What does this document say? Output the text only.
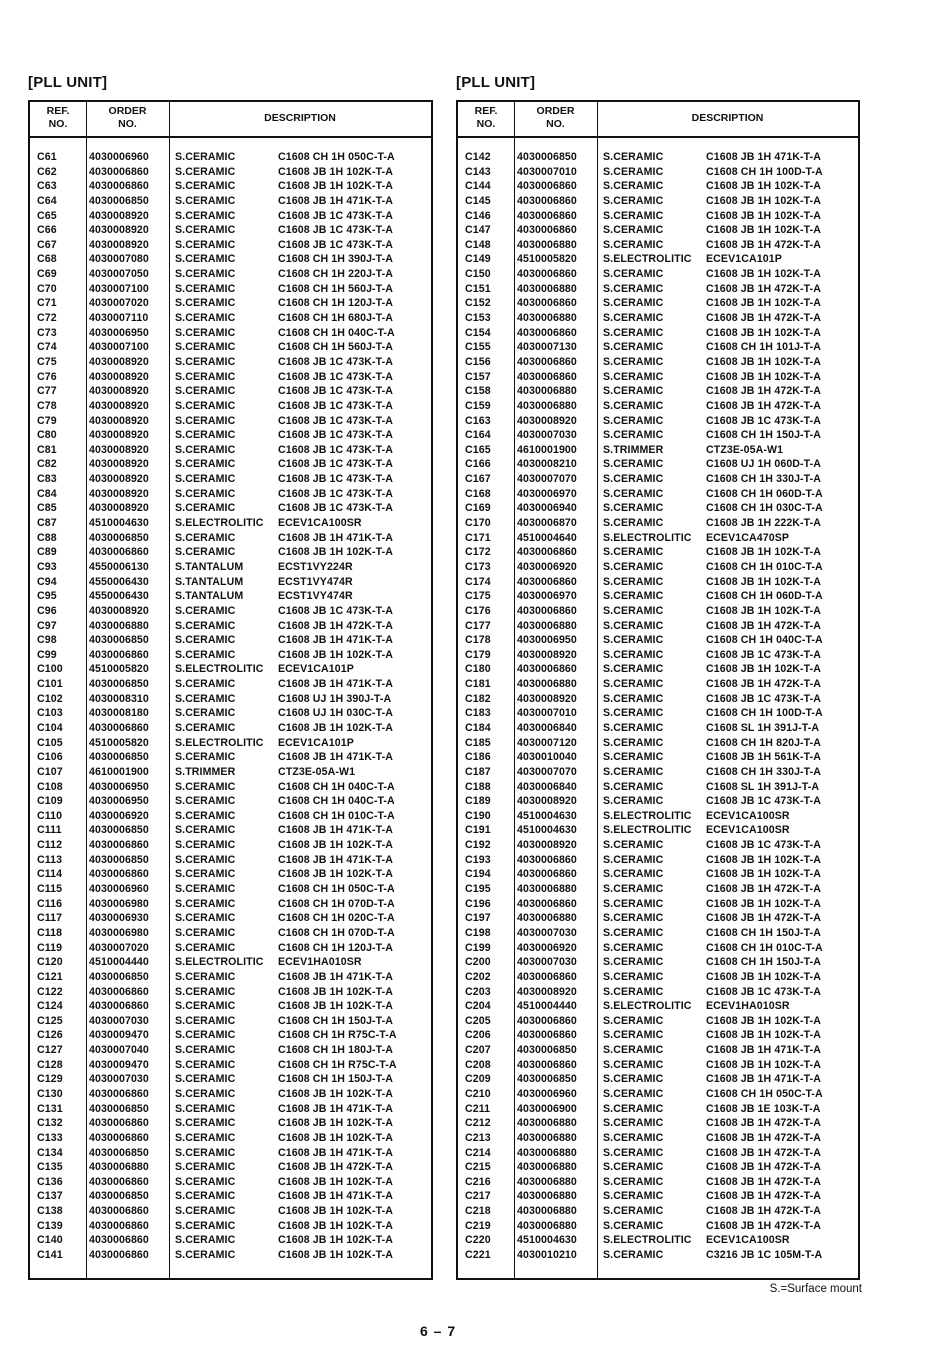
[PLL UNIT]	[PLL UNIT]
REF.
NO.
ORDER
NO.	DESCRIPTION
C61	4030006960 S.CERAMIC	C1608 CH 1H 050C-T-A
C62	4030006860 S.CERAMIC	C1608 JB 1H 102K-T-A
C63	4030006860 S.CERAMIC	C1608 JB 1H 102K-T-A
C64	4030006850 S.CERAMIC	C1608 JB 1H 471K-T-A
C65	4030008920 S.CERAMIC	C1608 JB 1C 473K-T-A
C66	4030008920 S.CERAMIC	C1608 JB 1C 473K-T-A
C67	4030008920 S.CERAMIC	C1608 JB 1C 473K-T-A
C68	4030007080 S.CERAMIC	C1608 CH 1H 390J-T-A
C69	4030007050 S.CERAMIC	C1608 CH 1H 220J-T-A
C70	4030007100 S.CERAMIC	C1608 CH 1H 560J-T-A
C71	4030007020 S.CERAMIC	C1608 CH 1H 120J-T-A
C72	4030007110	S.CERAMIC	C1608 CH 1H 680J-T-A
C73	4030006950 S.CERAMIC	C1608 CH 1H 040C-T-A
C74	4030007100 S.CERAMIC	C1608 CH 1H 560J-T-A
C75	4030008920 S.CERAMIC	C1608 JB 1C 473K-T-A
C76	4030008920 S.CERAMIC	C1608 JB 1C 473K-T-A
C77	4030008920 S.CERAMIC	C1608 JB 1C 473K-T-A
C78	4030008920 S.CERAMIC	C1608 JB 1C 473K-T-A
C79	4030008920 S.CERAMIC	C1608 JB 1C 473K-T-A
C80	4030008920 S.CERAMIC	C1608 JB 1C 473K-T-A
C81	4030008920 S.CERAMIC	C1608 JB 1C 473K-T-A
C82	4030008920 S.CERAMIC	C1608 JB 1C 473K-T-A
C83	4030008920 S.CERAMIC	C1608 JB 1C 473K-T-A
C84	4030008920 S.CERAMIC	C1608 JB 1C 473K-T-A
C85	4030008920 S.CERAMIC	C1608 JB 1C 473K-T-A
C87	4510004630 S.ELECTROLITIC ECEV1CA100SR
C88	4030006850 S.CERAMIC	C1608 JB 1H 471K-T-A
C89	4030006860 S.CERAMIC	C1608 JB 1H 102K-T-A
C93	4550006130 S.TANTALUM	ECST1VY224R
C94	4550006430 S.TANTALUM	ECST1VY474R
C95	4550006430 S.TANTALUM	ECST1VY474R
C96	4030008920 S.CERAMIC	C1608 JB 1C 473K-T-A
C97	4030006880 S.CERAMIC	C1608 JB 1H 472K-T-A
C98	4030006850 S.CERAMIC	C1608 JB 1H 471K-T-A
C99	4030006860 S.CERAMIC	C1608 JB 1H 102K-T-A
C100 4510005820 S.ELECTROLITIC ECEV1CA101P
C101 4030006850 S.CERAMIC	C1608 JB 1H 471K-T-A
C102 4030008310 S.CERAMIC	C1608 UJ 1H 390J-T-A
C103 4030008180 S.CERAMIC	C1608 UJ 1H 030C-T-A
C104 4030006860 S.CERAMIC	C1608 JB 1H 102K-T-A
C105 4510005820 S.ELECTROLITIC ECEV1CA101P
C106 4030006850 S.CERAMIC	C1608 JB 1H 471K-T-A
C107 4610001900 S.TRIMMER	CTZ3E-05A-W1
C108 4030006950 S.CERAMIC	C1608 CH 1H 040C-T-A
C109 4030006950 S.CERAMIC	C1608 CH 1H 040C-T-A
C110	4030006920 S.CERAMIC	C1608 CH 1H 010C-T-A
C111	4030006850 S.CERAMIC	C1608 JB 1H 471K-T-A
C112	4030006860 S.CERAMIC	C1608 JB 1H 102K-T-A
C113	4030006850 S.CERAMIC	C1608 JB 1H 471K-T-A
C114	4030006860 S.CERAMIC	C1608 JB 1H 102K-T-A
C115	4030006960 S.CERAMIC	C1608 CH 1H 050C-T-A
C116	4030006980 S.CERAMIC	C1608 CH 1H 070D-T-A
C117	4030006930 S.CERAMIC	C1608 CH 1H 020C-T-A
C118	4030006980 S.CERAMIC	C1608 CH 1H 070D-T-A
C119	4030007020 S.CERAMIC	C1608 CH 1H 120J-T-A
C120 4510004440 S.ELECTROLITIC ECEV1HA010SR
C121 4030006850 S.CERAMIC	C1608 JB 1H 471K-T-A
C122 4030006860 S.CERAMIC	C1608 JB 1H 102K-T-A
C124 4030006860 S.CERAMIC	C1608 JB 1H 102K-T-A
C125 4030007030 S.CERAMIC	C1608 CH 1H 150J-T-A
C126 4030009470 S.CERAMIC	C1608 CH 1H R75C-T-A
C127 4030007040 S.CERAMIC	C1608 CH 1H 180J-T-A
C128 4030009470 S.CERAMIC	C1608 CH 1H R75C-T-A
C129 4030007030 S.CERAMIC	C1608 CH 1H 150J-T-A
C130 4030006860 S.CERAMIC	C1608 JB 1H 102K-T-A
C131 4030006850 S.CERAMIC	C1608 JB 1H 471K-T-A
C132 4030006860 S.CERAMIC	C1608 JB 1H 102K-T-A
C133 4030006860 S.CERAMIC	C1608 JB 1H 102K-T-A
C134 4030006850 S.CERAMIC	C1608 JB 1H 471K-T-A
C135 4030006880 S.CERAMIC	C1608 JB 1H 472K-T-A
C136 4030006860 S.CERAMIC	C1608 JB 1H 102K-T-A
C137 4030006850 S.CERAMIC	C1608 JB 1H 471K-T-A
C138 4030006860 S.CERAMIC	C1608 JB 1H 102K-T-A
C139 4030006860 S.CERAMIC	C1608 JB 1H 102K-T-A
C140 4030006860 S.CERAMIC	C1608 JB 1H 102K-T-A
C141 4030006860 S.CERAMIC	C1608 JB 1H 102K-T-A
REF.
NO.
ORDER
NO.	DESCRIPTION
C142 4030006850 S.CERAMIC	C1608 JB 1H 471K-T-A
C143 4030007010 S.CERAMIC	C1608 CH 1H 100D-T-A
C144 4030006860 S.CERAMIC	C1608 JB 1H 102K-T-A
C145 4030006860 S.CERAMIC	C1608 JB 1H 102K-T-A
C146 4030006860 S.CERAMIC	C1608 JB 1H 102K-T-A
C147 4030006860 S.CERAMIC	C1608 JB 1H 102K-T-A
C148 4030006880 S.CERAMIC	C1608 JB 1H 472K-T-A
C149 4510005820 S.ELECTROLITIC ECEV1CA101P
C150 4030006860 S.CERAMIC	C1608 JB 1H 102K-T-A
C151 4030006880 S.CERAMIC	C1608 JB 1H 472K-T-A
C152 4030006860 S.CERAMIC	C1608 JB 1H 102K-T-A
C153 4030006880 S.CERAMIC	C1608 JB 1H 472K-T-A
C154 4030006860 S.CERAMIC	C1608 JB 1H 102K-T-A
C155 4030007130 S.CERAMIC	C1608 CH 1H 101J-T-A
C156 4030006860 S.CERAMIC	C1608 JB 1H 102K-T-A
C157 4030006860 S.CERAMIC	C1608 JB 1H 102K-T-A
C158 4030006880 S.CERAMIC	C1608 JB 1H 472K-T-A
C159 4030006880 S.CERAMIC	C1608 JB 1H 472K-T-A
C163 4030008920 S.CERAMIC	C1608 JB 1C 473K-T-A
C164 4030007030 S.CERAMIC	C1608 CH 1H 150J-T-A
C165 4610001900 S.TRIMMER	CTZ3E-05A-W1
C166 4030008210 S.CERAMIC	C1608 UJ 1H 060D-T-A
C167 4030007070 S.CERAMIC	C1608 CH 1H 330J-T-A
C168 4030006970 S.CERAMIC	C1608 CH 1H 060D-T-A
C169 4030006940 S.CERAMIC	C1608 CH 1H 030C-T-A
C170 4030006870 S.CERAMIC	C1608 JB 1H 222K-T-A
C171 4510004640 S.ELECTROLITIC ECEV1CA470SP
C172 4030006860 S.CERAMIC	C1608 JB 1H 102K-T-A
C173 4030006920 S.CERAMIC	C1608 CH 1H 010C-T-A
C174 4030006860 S.CERAMIC	C1608 JB 1H 102K-T-A
C175 4030006970 S.CERAMIC	C1608 CH 1H 060D-T-A
C176 4030006860 S.CERAMIC	C1608 JB 1H 102K-T-A
C177 4030006880 S.CERAMIC	C1608 JB 1H 472K-T-A
C178 4030006950 S.CERAMIC	C1608 CH 1H 040C-T-A
C179 4030008920 S.CERAMIC	C1608 JB 1C 473K-T-A
C180 4030006860 S.CERAMIC	C1608 JB 1H 102K-T-A
C181 4030006880 S.CERAMIC	C1608 JB 1H 472K-T-A
C182 4030008920 S.CERAMIC	C1608 JB 1C 473K-T-A
C183 4030007010 S.CERAMIC	C1608 CH 1H 100D-T-A
C184 4030006840 S.CERAMIC	C1608 SL 1H 391J-T-A
C185 4030007120 S.CERAMIC	C1608 CH 1H 820J-T-A
C186 4030010040 S.CERAMIC	C1608 JB 1H 561K-T-A
C187 4030007070 S.CERAMIC	C1608 CH 1H 330J-T-A
C188 4030006840 S.CERAMIC	C1608 SL 1H 391J-T-A
C189 4030008920 S.CERAMIC	C1608 JB 1C 473K-T-A
C190 4510004630 S.ELECTROLITIC ECEV1CA100SR
C191 4510004630 S.ELECTROLITIC ECEV1CA100SR
C192 4030008920 S.CERAMIC	C1608 JB 1C 473K-T-A
C193 4030006860 S.CERAMIC	C1608 JB 1H 102K-T-A
C194 4030006860 S.CERAMIC	C1608 JB 1H 102K-T-A
C195 4030006880 S.CERAMIC	C1608 JB 1H 472K-T-A
C196 4030006860 S.CERAMIC	C1608 JB 1H 102K-T-A
C197 4030006880 S.CERAMIC	C1608 JB 1H 472K-T-A
C198 4030007030 S.CERAMIC	C1608 CH 1H 150J-T-A
C199 4030006920 S.CERAMIC	C1608 CH 1H 010C-T-A
C200 4030007030 S.CERAMIC	C1608 CH 1H 150J-T-A
C202 4030006860 S.CERAMIC	C1608 JB 1H 102K-T-A
C203 4030008920 S.CERAMIC	C1608 JB 1C 473K-T-A
C204 4510004440 S.ELECTROLITIC ECEV1HA010SR
C205 4030006860 S.CERAMIC	C1608 JB 1H 102K-T-A
C206 4030006860 S.CERAMIC	C1608 JB 1H 102K-T-A
C207 4030006850 S.CERAMIC	C1608 JB 1H 471K-T-A
C208 4030006860 S.CERAMIC	C1608 JB 1H 102K-T-A
C209 4030006850 S.CERAMIC	C1608 JB 1H 471K-T-A
C210 4030006960 S.CERAMIC	C1608 CH 1H 050C-T-A
C211	4030006900 S.CERAMIC	C1608 JB 1E 103K-T-A
C212 4030006880 S.CERAMIC	C1608 JB 1H 472K-T-A
C213 4030006880 S.CERAMIC	C1608 JB 1H 472K-T-A
C214 4030006880 S.CERAMIC	C1608 JB 1H 472K-T-A
C215 4030006880 S.CERAMIC	C1608 JB 1H 472K-T-A
C216 4030006880 S.CERAMIC	C1608 JB 1H 472K-T-A
C217 4030006880 S.CERAMIC	C1608 JB 1H 472K-T-A
C218 4030006880 S.CERAMIC	C1608 JB 1H 472K-T-A
C219 4030006880 S.CERAMIC	C1608 JB 1H 472K-T-A
C220 4510004630 S.ELECTROLITIC ECEV1CA100SR
C221 4030010210 S.CERAMIC	C3216 JB 1C 105M-T-A
S.=Surface mount
6 – 7
